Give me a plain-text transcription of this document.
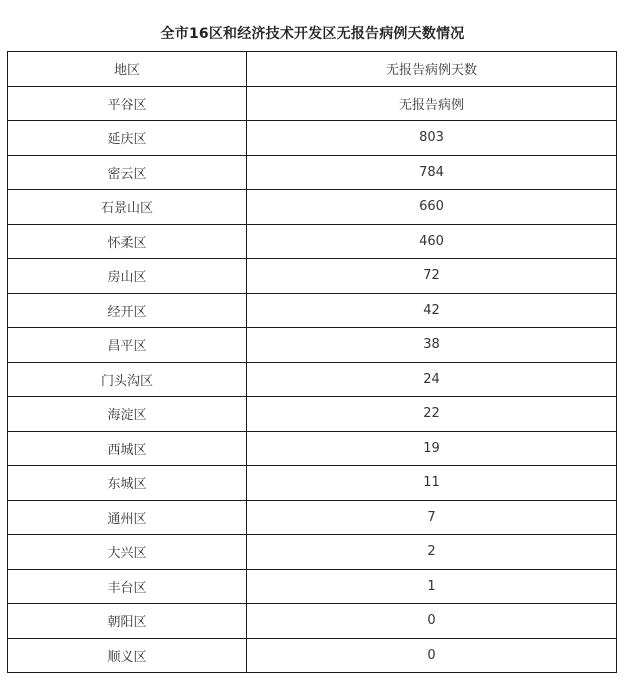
全市16区和经济技术开发区无报告病例天数情况
地区	无报告病例天数
平谷区	无报告病例
延庆区	803
密云区	784
石景山区	660
怀柔区	460
房山区	72
经开区	42
昌平区	38
门头沟区	24
海淀区	22
西城区	19
东城区	11
通州区	7
大兴区	2
丰台区	1
朝阳区	0
顺义区	0
